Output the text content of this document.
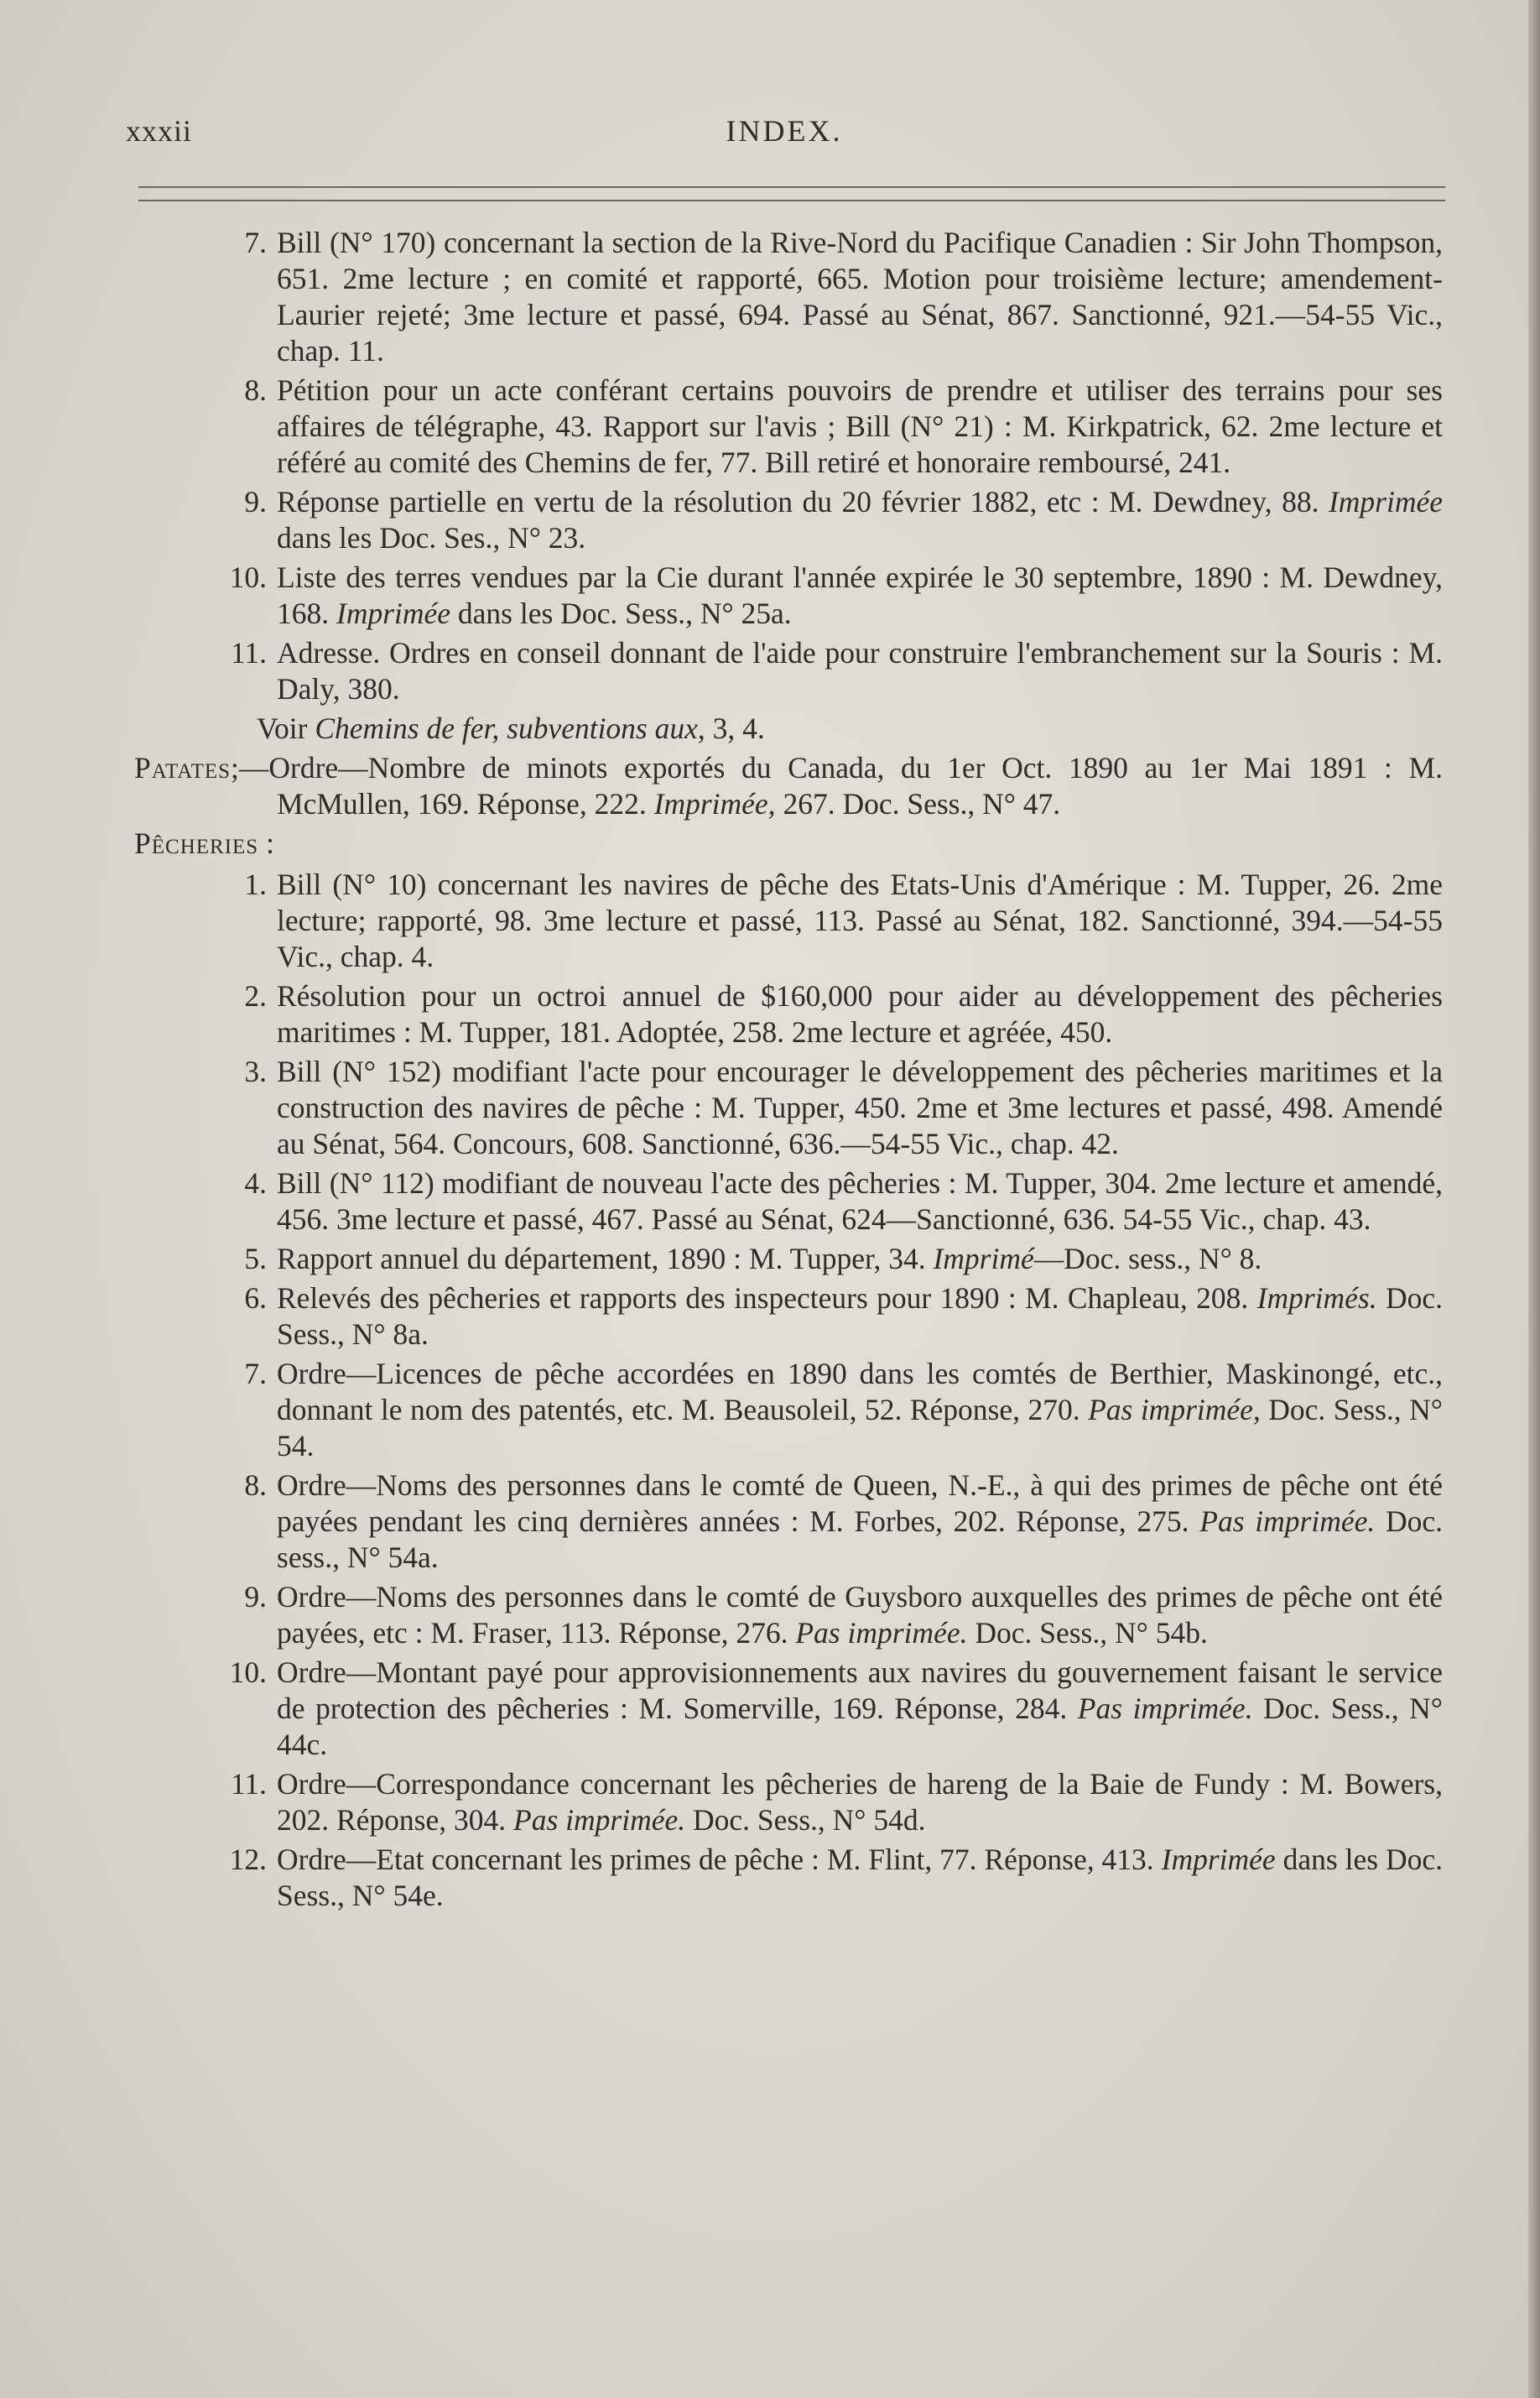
xxxii	INDEX.
7. Bill (N° 170) concernant la section de la Rive-Nord du Pacifique Canadien : Sir John Thompson, 651. 2me lecture ; en comité et rapporté, 665. Motion pour troisième lecture; amendement-Laurier rejeté; 3me lecture et passé, 694. Passé au Sénat, 867. Sanctionné, 921.—54-55 Vic., chap. 11.
8. Pétition pour un acte conférant certains pouvoirs de prendre et utiliser des terrains pour ses affaires de télégraphe, 43. Rapport sur l'avis ; Bill (N° 21) : M. Kirkpatrick, 62. 2me lecture et référé au comité des Chemins de fer, 77. Bill retiré et honoraire remboursé, 241.
9. Réponse partielle en vertu de la résolution du 20 février 1882, etc : M. Dewdney, 88. Imprimée dans les Doc. Ses., N° 23.
10. Liste des terres vendues par la Cie durant l'année expirée le 30 septembre, 1890 : M. Dewdney, 168. Imprimée dans les Doc. Sess., N° 25a.
11. Adresse. Ordres en conseil donnant de l'aide pour construire l'embranchement sur la Souris : M. Daly, 380.
Voir Chemins de fer, subventions aux, 3, 4.
Patates;—Ordre—Nombre de minots exportés du Canada, du 1er Oct. 1890 au 1er Mai 1891 : M. McMullen, 169. Réponse, 222. Imprimée, 267. Doc. Sess., N° 47.
Pêcheries :
1. Bill (N° 10) concernant les navires de pêche des Etats-Unis d'Amérique : M. Tupper, 26. 2me lecture; rapporté, 98. 3me lecture et passé, 113. Passé au Sénat, 182. Sanctionné, 394.—54-55 Vic., chap. 4.
2. Résolution pour un octroi annuel de $160,000 pour aider au développement des pêcheries maritimes : M. Tupper, 181. Adoptée, 258. 2me lecture et agréée, 450.
3. Bill (N° 152) modifiant l'acte pour encourager le développement des pêcheries maritimes et la construction des navires de pêche : M. Tupper, 450. 2me et 3me lectures et passé, 498. Amendé au Sénat, 564. Concours, 608. Sanctionné, 636.—54-55 Vic., chap. 42.
4. Bill (N° 112) modifiant de nouveau l'acte des pêcheries : M. Tupper, 304. 2me lecture et amendé, 456. 3me lecture et passé, 467. Passé au Sénat, 624—Sanctionné, 636. 54-55 Vic., chap. 43.
5. Rapport annuel du département, 1890 : M. Tupper, 34. Imprimé—Doc. sess., N° 8.
6. Relevés des pêcheries et rapports des inspecteurs pour 1890 : M. Chapleau, 208. Imprimés. Doc. Sess., N° 8a.
7. Ordre—Licences de pêche accordées en 1890 dans les comtés de Berthier, Maskinongé, etc., donnant le nom des patentés, etc. M. Beausoleil, 52. Réponse, 270. Pas imprimée, Doc. Sess., N° 54.
8. Ordre—Noms des personnes dans le comté de Queen, N.-E., à qui des primes de pêche ont été payées pendant les cinq dernières années : M. Forbes, 202. Réponse, 275. Pas imprimée. Doc. sess., N° 54a.
9. Ordre—Noms des personnes dans le comté de Guysboro auxquelles des primes de pêche ont été payées, etc : M. Fraser, 113. Réponse, 276. Pas imprimée. Doc. Sess., N° 54b.
10. Ordre—Montant payé pour approvisionnements aux navires du gouvernement faisant le service de protection des pêcheries : M. Somerville, 169. Réponse, 284. Pas imprimée. Doc. Sess., N° 44c.
11. Ordre—Correspondance concernant les pêcheries de hareng de la Baie de Fundy : M. Bowers, 202. Réponse, 304. Pas imprimée. Doc. Sess., N° 54d.
12. Ordre—Etat concernant les primes de pêche : M. Flint, 77. Réponse, 413. Imprimée dans les Doc. Sess., N° 54e.
